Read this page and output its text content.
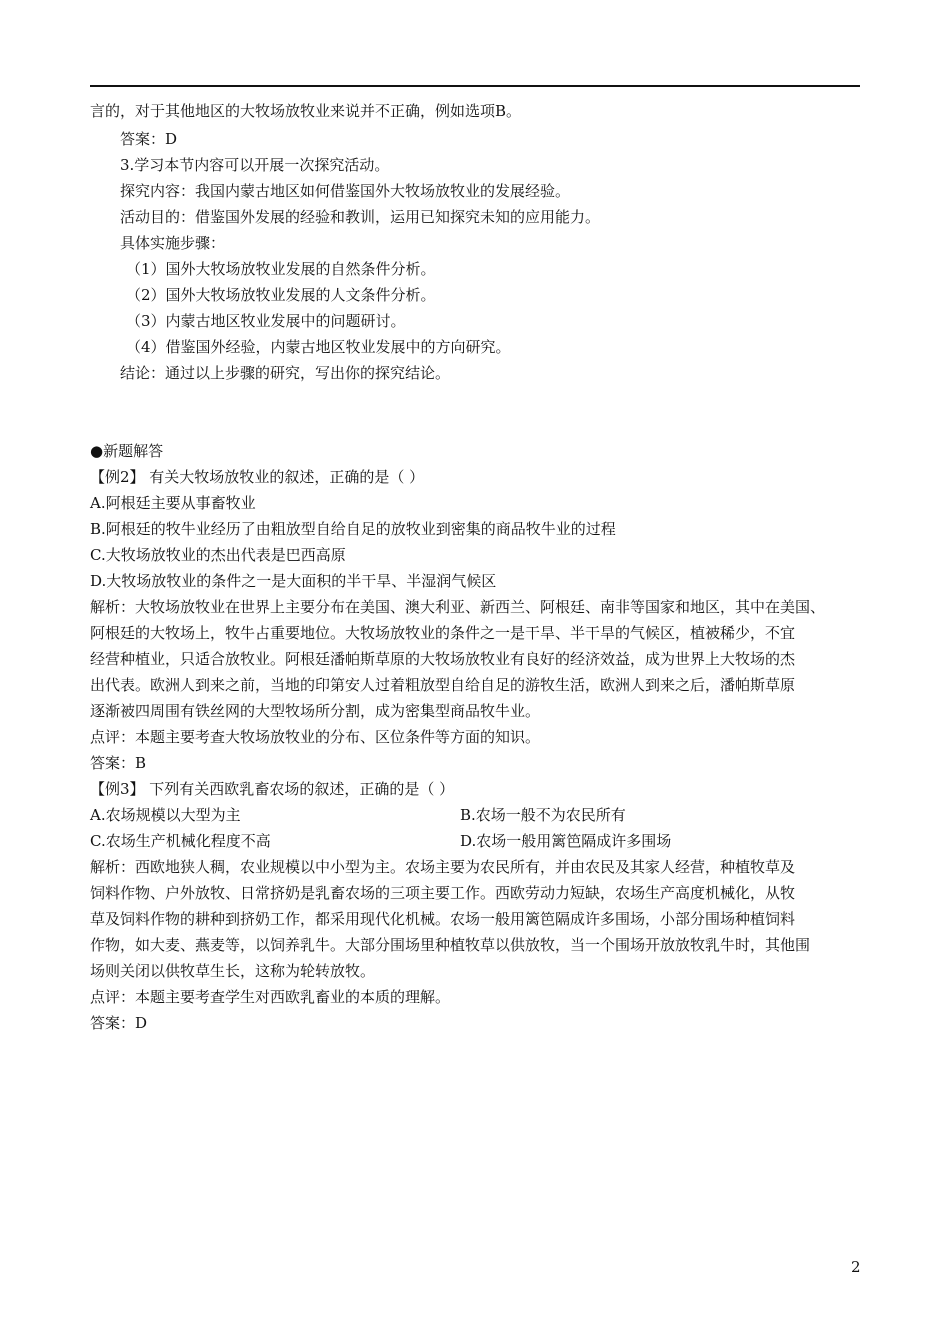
言的，对于其他地区的大牧场放牧业来说并不正确，例如选项B。
答案：D
3.学习本节内容可以开展一次探究活动。
探究内容：我国内蒙古地区如何借鉴国外大牧场放牧业的发展经验。
活动目的：借鉴国外发展的经验和教训，运用已知探究未知的应用能力。
具体实施步骤：
（1）国外大牧场放牧业发展的自然条件分析。
（2）国外大牧场放牧业发展的人文条件分析。
（3）内蒙古地区牧业发展中的问题研讨。
（4）借鉴国外经验，内蒙古地区牧业发展中的方向研究。
结论：通过以上步骤的研究，写出你的探究结论。
●新题解答
【例2】 有关大牧场放牧业的叙述，正确的是（ ）
A.阿根廷主要从事畜牧业
B.阿根廷的牧牛业经历了由粗放型自给自足的放牧业到密集的商品牧牛业的过程
C.大牧场放牧业的杰出代表是巴西高原
D.大牧场放牧业的条件之一是大面积的半干旱、半湿润气候区
解析：大牧场放牧业在世界上主要分布在美国、澳大利亚、新西兰、阿根廷、南非等国家和地区，其中在美国、
阿根廷的大牧场上，牧牛占重要地位。大牧场放牧业的条件之一是干旱、半干旱的气候区，植被稀少，不宜
经营种植业，只适合放牧业。阿根廷潘帕斯草原的大牧场放牧业有良好的经济效益，成为世界上大牧场的杰
出代表。欧洲人到来之前，当地的印第安人过着粗放型自给自足的游牧生活，欧洲人到来之后，潘帕斯草原
逐渐被四周围有铁丝网的大型牧场所分割，成为密集型商品牧牛业。
点评：本题主要考查大牧场放牧业的分布、区位条件等方面的知识。
答案：B
【例3】 下列有关西欧乳畜农场的叙述，正确的是（ ）
A.农场规模以大型为主	B.农场一般不为农民所有
C.农场生产机械化程度不高	D.农场一般用篱笆隔成许多围场
解析：西欧地狭人稠，农业规模以中小型为主。农场主要为农民所有，并由农民及其家人经营，种植牧草及
饲料作物、户外放牧、日常挤奶是乳畜农场的三项主要工作。西欧劳动力短缺，农场生产高度机械化，从牧
草及饲料作物的耕种到挤奶工作，都采用现代化机械。农场一般用篱笆隔成许多围场，小部分围场种植饲料
作物，如大麦、燕麦等，以饲养乳牛。大部分围场里种植牧草以供放牧，当一个围场开放放牧乳牛时，其他围
场则关闭以供牧草生长，这称为轮转放牧。
点评：本题主要考查学生对西欧乳畜业的本质的理解。
答案：D
2
